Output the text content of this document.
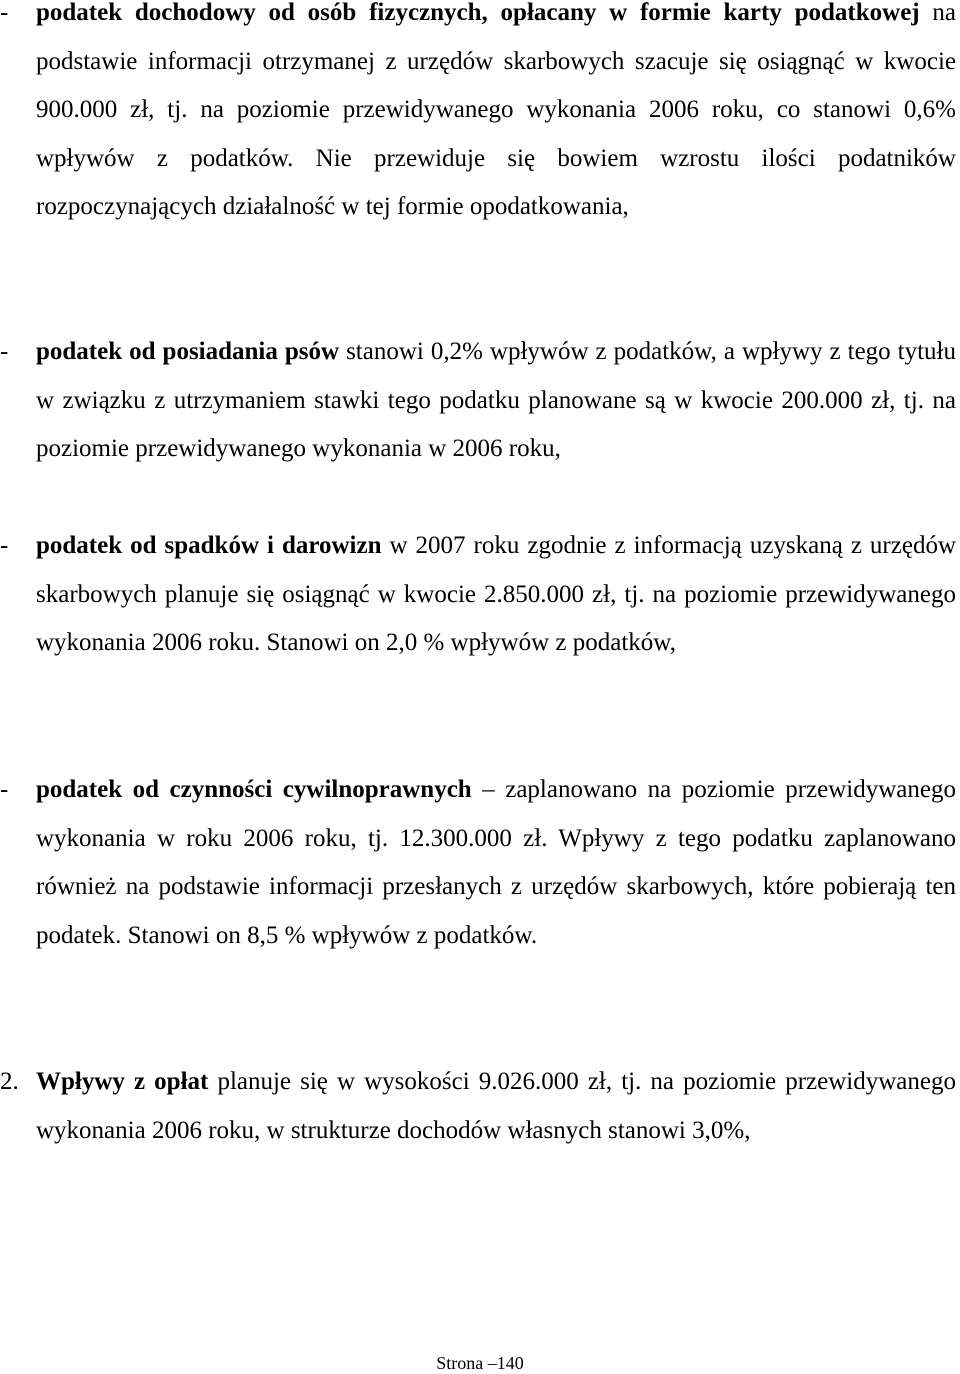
- podatek dochodowy od osób fizycznych, opłacany w formie karty podatkowej na podstawie informacji otrzymanej z urzędów skarbowych szacuje się osiągnąć w kwocie 900.000 zł, tj. na poziomie przewidywanego wykonania 2006 roku, co stanowi 0,6% wpływów z podatków. Nie przewiduje się bowiem wzrostu ilości podatników rozpoczynających działalność w tej formie opodatkowania,
- podatek od posiadania psów stanowi 0,2% wpływów z podatków, a wpływy z tego tytułu w związku z utrzymaniem stawki tego podatku planowane są w kwocie 200.000 zł, tj. na poziomie przewidywanego wykonania w 2006 roku,
- podatek od spadków i darowizn w 2007 roku zgodnie z informacją uzyskaną z urzędów skarbowych planuje się osiągnąć w kwocie 2.850.000 zł, tj. na poziomie przewidywanego wykonania 2006 roku. Stanowi on 2,0 % wpływów z podatków,
- podatek od czynności cywilnoprawnych – zaplanowano na poziomie przewidywanego wykonania w roku 2006 roku, tj. 12.300.000 zł. Wpływy z tego podatku zaplanowano również na podstawie informacji przesłanych z urzędów skarbowych, które pobierają ten podatek. Stanowi on 8,5 % wpływów z podatków.
2. Wpływy z opłat planuje się w wysokości 9.026.000 zł, tj. na poziomie przewidywanego wykonania 2006 roku, w strukturze dochodów własnych stanowi 3,0%,
Strona –140
